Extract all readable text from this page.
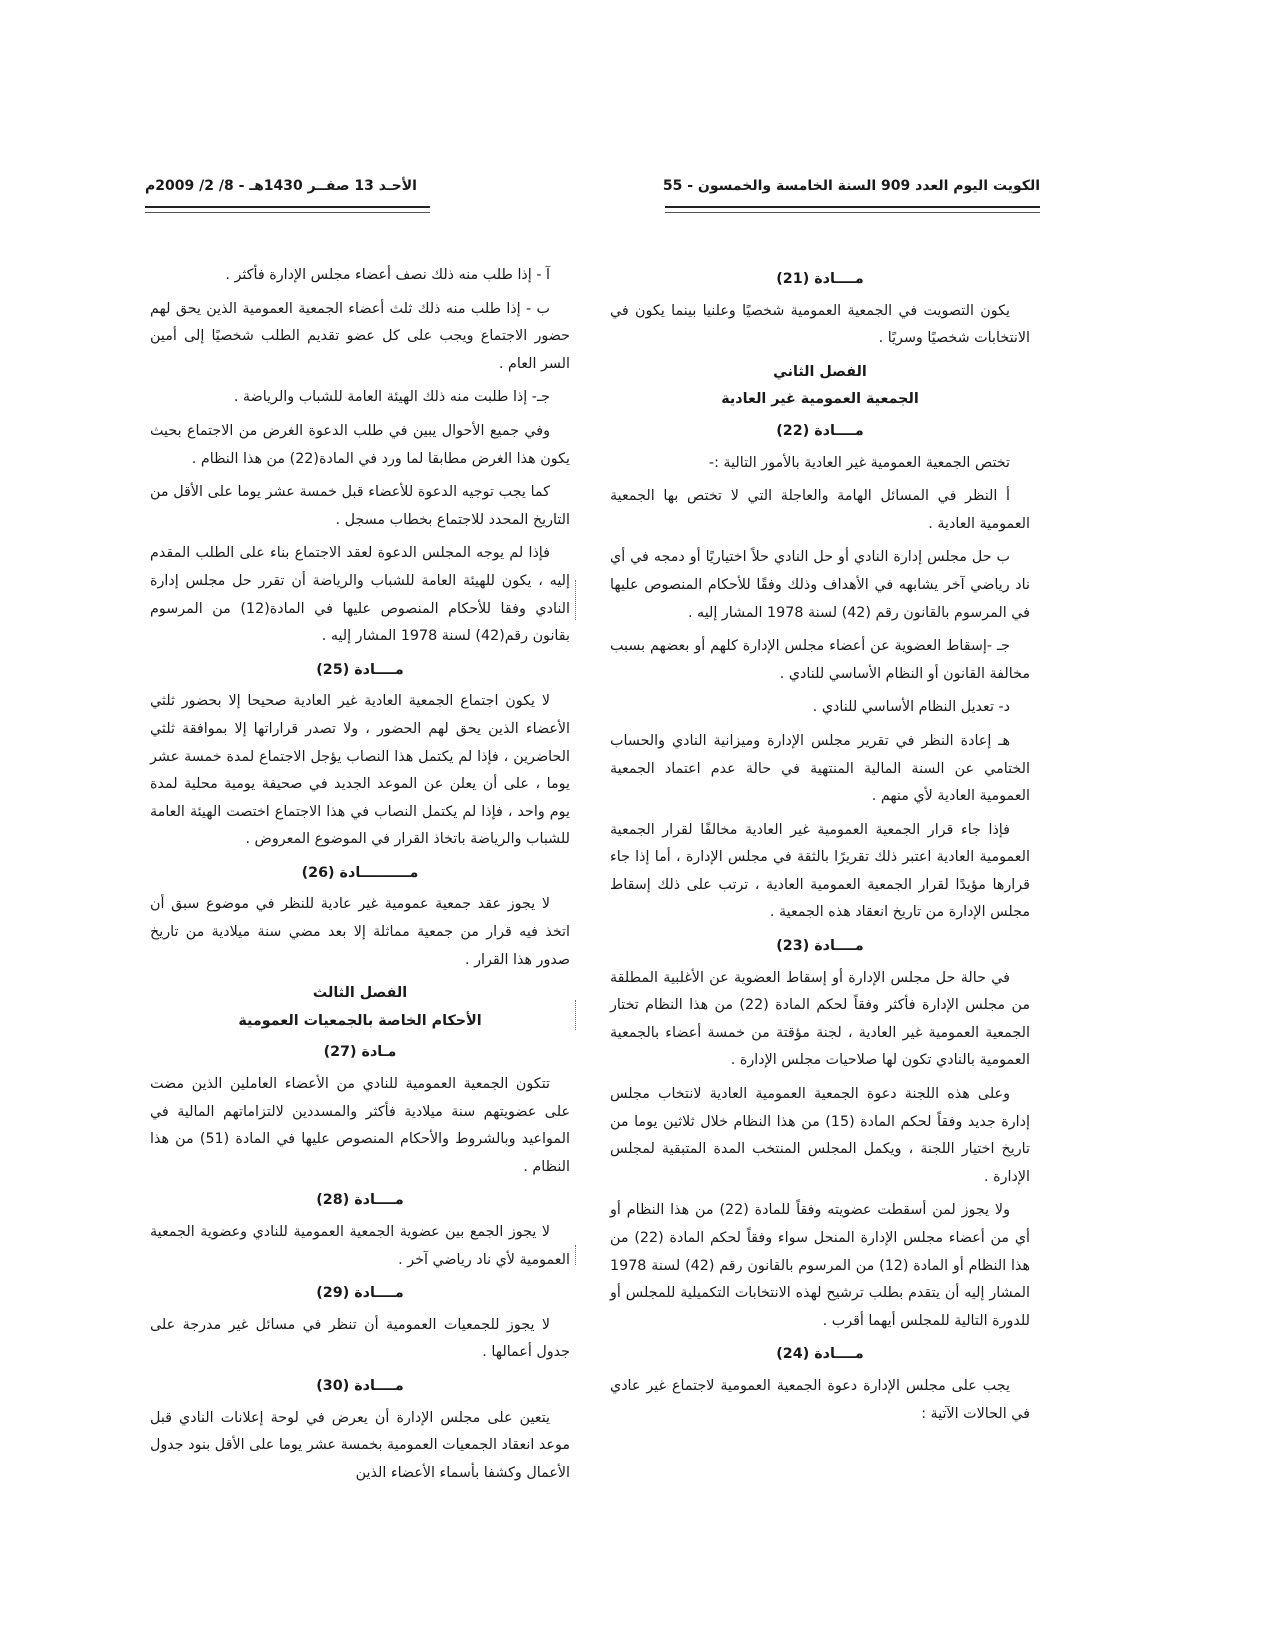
الكويت اليوم العدد 909 السنة الخامسة والخمسون - 55
الأحـد 13 صفــر 1430هـ - 8/ 2/ 2009م
مــــادة (21)

يكون التصويت في الجمعية العمومية شخصيًا وعلنيا بينما يكون في الانتخابات شخصيًا وسريًا .

الفصل الثاني
الجمعية العمومية غير العادية
مــــادة (22)

تختص الجمعية العمومية غير العادية بالأمور التالية :-

أ النظر في المسائل الهامة والعاجلة التي لا تختص بها الجمعية العمومية العادية .

ب حل مجلس إدارة النادي أو حل النادي حلاً اختياريًا أو دمجه في أي ناد رياضي آخر يشابهه في الأهداف وذلك وفقًا للأحكام المنصوص عليها في المرسوم بالقانون رقم (42) لسنة 1978 المشار إليه .

جـ -إسقاط العضوية عن أعضاء مجلس الإدارة كلهم أو بعضهم بسبب مخالفة القانون أو النظام الأساسي للنادي .

د- تعديل النظام الأساسي للنادي .

هـ إعادة النظر في تقرير مجلس الإدارة وميزانية النادي والحساب الختامي عن السنة المالية المنتهية في حالة عدم اعتماد الجمعية العمومية العادية لأي منهم .

فإذا جاء قرار الجمعية العمومية غير العادية مخالفًا لقرار الجمعية العمومية العادية اعتبر ذلك تقريرًا بالثقة في مجلس الإدارة ، أما إذا جاء قرارها مؤيدًا لقرار الجمعية العمومية العادية ، ترتب على ذلك إسقاط مجلس الإدارة من تاريخ انعقاد هذه الجمعية .

مــــادة (23)

في حالة حل مجلس الإدارة أو إسقاط العضوية عن الأغلبية المطلقة من مجلس الإدارة فأكثر وفقاً لحكم المادة (22) من هذا النظام تختار الجمعية العمومية غير العادية ، لجنة مؤقتة من خمسة أعضاء بالجمعية العمومية بالنادي تكون لها صلاحيات مجلس الإدارة .

وعلى هذه اللجنة دعوة الجمعية العمومية العادية لانتخاب مجلس إدارة جديد وفقاً لحكم المادة (15) من هذا النظام خلال ثلاثين يوما من تاريخ اختيار اللجنة ، ويكمل المجلس المنتخب المدة المتبقية لمجلس الإدارة .

ولا يجوز لمن أسقطت عضويته وفقاً للمادة (22) من هذا النظام أو أي من أعضاء مجلس الإدارة المنحل سواء وفقاً لحكم المادة (22) من هذا النظام أو المادة (12) من المرسوم بالقانون رقم (42) لسنة 1978 المشار إليه أن يتقدم بطلب ترشيح لهذه الانتخابات التكميلية للمجلس أو للدورة التالية للمجلس أيهما أقرب .

مــــادة (24)

يجب على مجلس الإدارة دعوة الجمعية العمومية لاجتماع غير عادي في الحالات الآتية :

آ - إذا طلب منه ذلك نصف أعضاء مجلس الإدارة فأكثر .

ب - إذا طلب منه ذلك ثلث أعضاء الجمعية العمومية الذين يحق لهم حضور الاجتماع ويجب على كل عضو تقديم الطلب شخصيًا إلى أمين السر العام .

جـ- إذا طلبت منه ذلك الهيئة العامة للشباب والرياضة .

وفي جميع الأحوال يبين في طلب الدعوة الغرض من الاجتماع بحيث يكون هذا الغرض مطابقا لما ورد في المادة(22) من هذا النظام .

كما يجب توجيه الدعوة للأعضاء قبل خمسة عشر يوما على الأقل من التاريخ المحدد للاجتماع بخطاب مسجل .

فإذا لم يوجه المجلس الدعوة لعقد الاجتماع بناء على الطلب المقدم إليه ، يكون للهيئة العامة للشباب والرياضة أن تقرر حل مجلس إدارة النادي وفقا للأحكام المنصوص عليها في المادة(12) من المرسوم بقانون رقم(42) لسنة 1978 المشار إليه .

مــــادة (25)

لا يكون اجتماع الجمعية العادية غير العادية صحيحا إلا بحضور ثلثي الأعضاء الذين يحق لهم الحضور ، ولا تصدر قراراتها إلا بموافقة ثلثي الحاضرين ، فإذا لم يكتمل هذا النصاب يؤجل الاجتماع لمدة خمسة عشر يوما ، على أن يعلن عن الموعد الجديد في صحيفة يومية محلية لمدة يوم واحد ، فإذا لم يكتمل النصاب في هذا الاجتماع اختصت الهيئة العامة للشباب والرياضة باتخاذ القرار في الموضوع المعروض .

مــــــــــادة (26)

لا يجوز عقد جمعية عمومية غير عادية للنظر في موضوع سبق أن اتخذ فيه قرار من جمعية مماثلة إلا بعد مضي سنة ميلادية من تاريخ صدور هذا القرار .

الفصل الثالث
الأحكام الخاصة بالجمعيات العمومية
مـادة (27)

تتكون الجمعية العمومية للنادي من الأعضاء العاملين الذين مضت على عضويتهم سنة ميلادية فأكثر والمسددين لالتزاماتهم المالية في المواعيد وبالشروط والأحكام المنصوص عليها في المادة (51) من هذا النظام .

مــــادة (28)

لا يجوز الجمع بين عضوية الجمعية العمومية للنادي وعضوية الجمعية العمومية لأي ناد رياضي آخر .

مــــادة (29)

لا يجوز للجمعيات العمومية أن تنظر في مسائل غير مدرجة على جدول أعمالها .

مــــادة (30)

يتعين على مجلس الإدارة أن يعرض في لوحة إعلانات النادي قبل موعد انعقاد الجمعيات العمومية بخمسة عشر يوما على الأقل بنود جدول الأعمال وكشفا بأسماء الأعضاء الذين
